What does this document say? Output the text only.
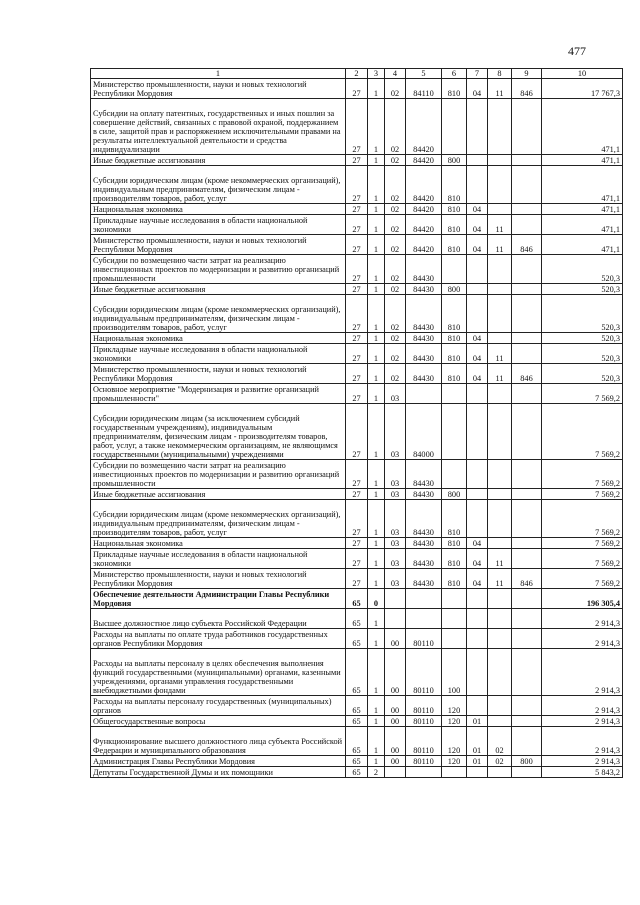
477
1	2	3	4	5	6	7	8	9	10
Министерство промышленности, науки и новых технологий Республики Мордовия	27	1	02	84110	810	04	11	846	17 767,3
Субсидии на оплату патентных, государственных и иных пошлин за совершение действий, связанных с правовой охраной, поддержанием в силе, защитой прав и распоряжением исключительными правами на результаты интеллектуальной деятельности и средства индивидуализации	27	1	02	84420					471,1
Иные бюджетные ассигнования	27	1	02	84420	800				471,1
Субсидии юридическим лицам (кроме некоммерческих организаций), индивидуальным предпринимателям, физическим лицам - производителям товаров, работ, услуг	27	1	02	84420	810				471,1
Национальная экономика	27	1	02	84420	810	04			471,1
Прикладные научные исследования в области национальной экономики	27	1	02	84420	810	04	11		471,1
Министерство промышленности, науки и новых технологий Республики Мордовия	27	1	02	84420	810	04	11	846	471,1
Субсидии по возмещению части затрат на реализацию инвестиционных проектов по модернизации и развитию организаций промышленности	27	1	02	84430					520,3
Иные бюджетные ассигнования	27	1	02	84430	800				520,3
Субсидии юридическим лицам (кроме некоммерческих организаций), индивидуальным предпринимателям, физическим лицам - производителям товаров, работ, услуг	27	1	02	84430	810				520,3
Национальная экономика	27	1	02	84430	810	04			520,3
Прикладные научные исследования в области национальной экономики	27	1	02	84430	810	04	11		520,3
Министерство промышленности, науки и новых технологий Республики Мордовия	27	1	02	84430	810	04	11	846	520,3
Основное мероприятие "Модернизация и развитие организаций промышленности"	27	1	03						7 569,2
Субсидии юридическим лицам (за исключением субсидий государственным учреждениям), индивидуальным предпринимателям, физическим лицам - производителям товаров, работ, услуг, а также некоммерческим организациям, не являющимся государственными (муниципальными) учреждениями	27	1	03	84000					7 569,2
Субсидии по возмещению части затрат на реализацию инвестиционных проектов по модернизации и развитию организаций промышленности	27	1	03	84430					7 569,2
Иные бюджетные ассигнования	27	1	03	84430	800				7 569,2
Субсидии юридическим лицам (кроме некоммерческих организаций), индивидуальным предпринимателям, физическим лицам - производителям товаров, работ, услуг	27	1	03	84430	810				7 569,2
Национальная экономика	27	1	03	84430	810	04			7 569,2
Прикладные научные исследования в области национальной экономики	27	1	03	84430	810	04	11		7 569,2
Министерство промышленности, науки и новых технологий Республики Мордовия	27	1	03	84430	810	04	11	846	7 569,2
Обеспечение деятельности Администрации Главы Республики Мордовия	65	0							196 305,4
Высшее должностное лицо субъекта Российской Федерации	65	1							2 914,3
Расходы на выплаты по оплате труда работников государственных органов Республики Мордовия	65	1	00	80110					2 914,3
Расходы на выплаты персоналу в целях обеспечения выполнения функций государственными (муниципальными) органами, казенными учреждениями, органами управления государственными внебюджетными фондами	65	1	00	80110	100				2 914,3
Расходы на выплаты персоналу государственных (муниципальных) органов	65	1	00	80110	120				2 914,3
Общегосударственные вопросы	65	1	00	80110	120	01			2 914,3
Функционирование высшего должностного лица субъекта Российской Федерации и муниципального образования	65	1	00	80110	120	01	02		2 914,3
Администрация Главы Республики Мордовия	65	1	00	80110	120	01	02	800	2 914,3
Депутаты Государственной Думы и их помощники	65	2							5 843,2
